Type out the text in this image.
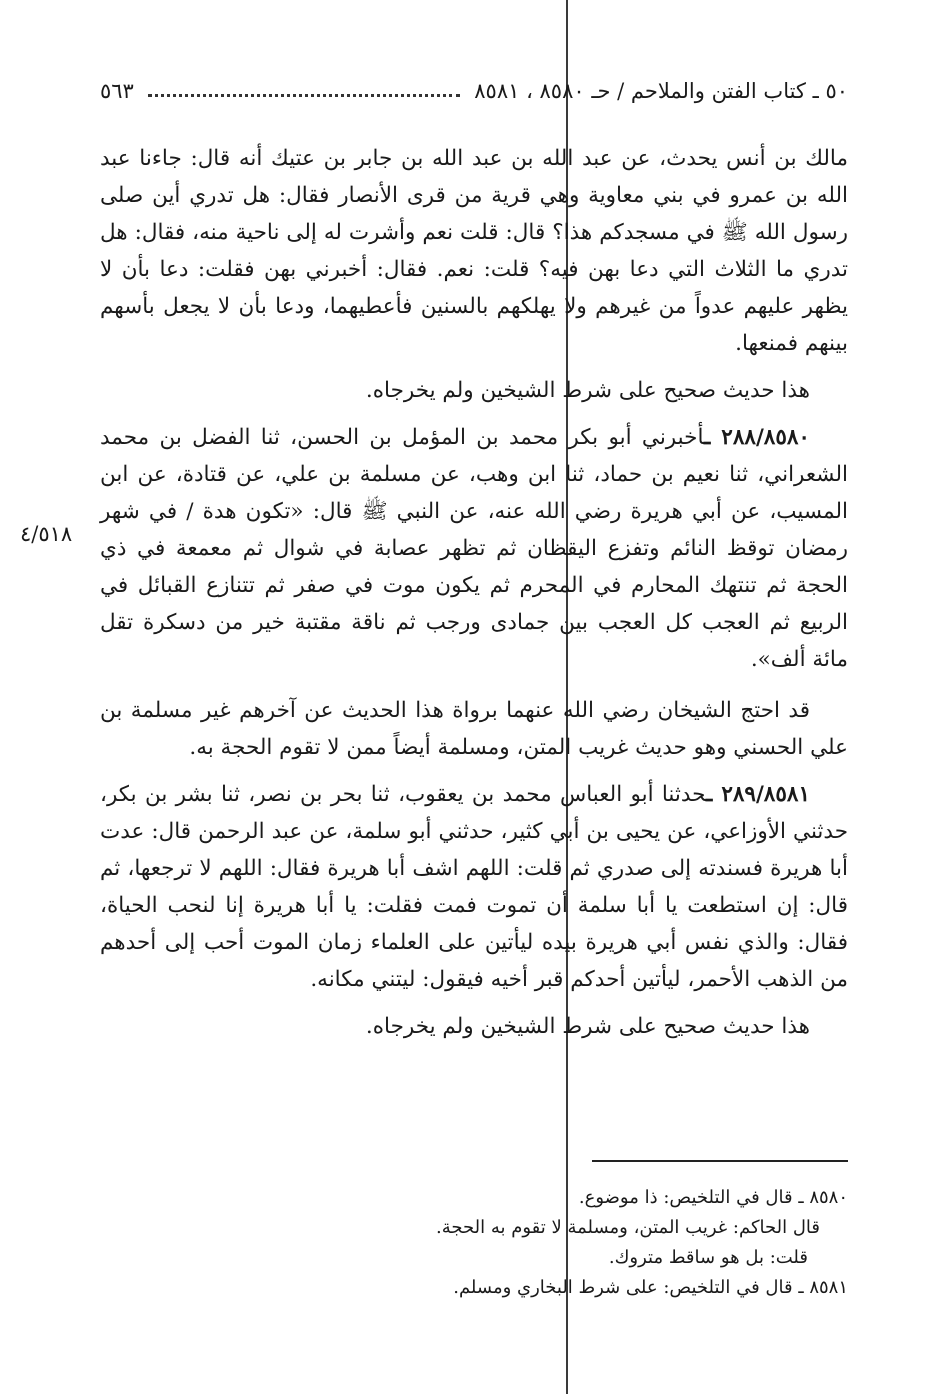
٥٠ ـ كتاب الفتن والملاحم / حـ ٨٥٨٠ ، ٨٥٨١
٥٦٣
٤/٥١٨

مالك بن أنس يحدث، عن عبد الله بن عبد الله بن جابر بن عتيك أنه قال: جاءنا عبد الله بن عمرو في بني معاوية وهي قرية من قرى الأنصار فقال: هل تدري أين صلى رسول الله ﷺ في مسجدكم هذا؟ قال: قلت نعم وأشرت له إلى ناحية منه، فقال: هل تدري ما الثلاث التي دعا بهن فيه؟ قلت: نعم. فقال: أخبرني بهن فقلت: دعا بأن لا يظهر عليهم عدواً من غيرهم ولا يهلكهم بالسنين فأعطيهما، ودعا بأن لا يجعل بأسهم بينهم فمنعها.

هذا حديث صحيح على شرط الشيخين ولم يخرجاه.

٢٨٨/٨٥٨٠ ـأخبرني أبو بكر محمد بن المؤمل بن الحسن، ثنا الفضل بن محمد الشعراني، ثنا نعيم بن حماد، ثنا ابن وهب، عن مسلمة بن علي، عن قتادة، عن ابن المسيب، عن أبي هريرة رضي الله عنه، عن النبي ﷺ قال: «تكون هدة / في شهر رمضان توقظ النائم وتفزع اليقظان ثم تظهر عصابة في شوال ثم معمعة في ذي الحجة ثم تنتهك المحارم في المحرم ثم يكون موت في صفر ثم تتنازع القبائل في الربيع ثم العجب كل العجب بين جمادى ورجب ثم ناقة مقتبة خير من دسكرة تقل مائة ألف».

قد احتج الشيخان رضي الله عنهما برواة هذا الحديث عن آخرهم غير مسلمة بن علي الحسني وهو حديث غريب المتن، ومسلمة أيضاً ممن لا تقوم الحجة به.

٢٨٩/٨٥٨١ ـحدثنا أبو العباس محمد بن يعقوب، ثنا بحر بن نصر، ثنا بشر بن بكر، حدثني الأوزاعي، عن يحيى بن أبي كثير، حدثني أبو سلمة، عن عبد الرحمن قال: عدت أبا هريرة فسندته إلى صدري ثم قلت: اللهم اشف أبا هريرة فقال: اللهم لا ترجعها، ثم قال: إن استطعت يا أبا سلمة أن تموت فمت فقلت: يا أبا هريرة إنا لنحب الحياة، فقال: والذي نفس أبي هريرة بيده ليأتين على العلماء زمان الموت أحب إلى أحدهم من الذهب الأحمر، ليأتين أحدكم قبر أخيه فيقول: ليتني مكانه.

هذا حديث صحيح على شرط الشيخين ولم يخرجاه.

٨٥٨٠ ـ قال في التلخيص: ذا موضوع.

قال الحاكم: غريب المتن، ومسلمة لا تقوم به الحجة.

قلت: بل هو ساقط متروك.

٨٥٨١ ـ قال في التلخيص: على شرط البخاري ومسلم.
